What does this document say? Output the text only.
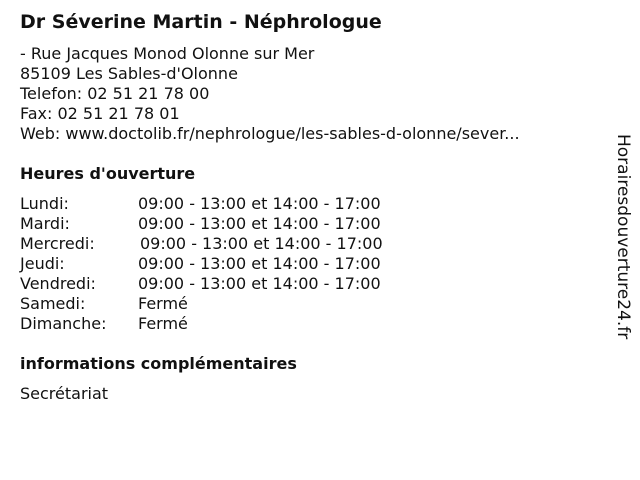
Dr Séverine Martin - Néphrologue
- Rue Jacques Monod Olonne sur Mer
85109 Les Sables-d'Olonne
Telefon: 02 51 21 78 00
Fax: 02 51 21 78 01
Web: www.doctolib.fr/nephrologue/les-sables-d-olonne/sever...
Heures d'ouverture
Lundi:	09:00 - 13:00 et 14:00 - 17:00
Mardi:	09:00 - 13:00 et 14:00 - 17:00
Mercredi:	09:00 - 13:00 et 14:00 - 17:00
Jeudi:	09:00 - 13:00 et 14:00 - 17:00
Vendredi:	09:00 - 13:00 et 14:00 - 17:00
Samedi:	Fermé
Dimanche: Fermé
informations complémentaires
Secrétariat
Horairesdouverture24.fr
